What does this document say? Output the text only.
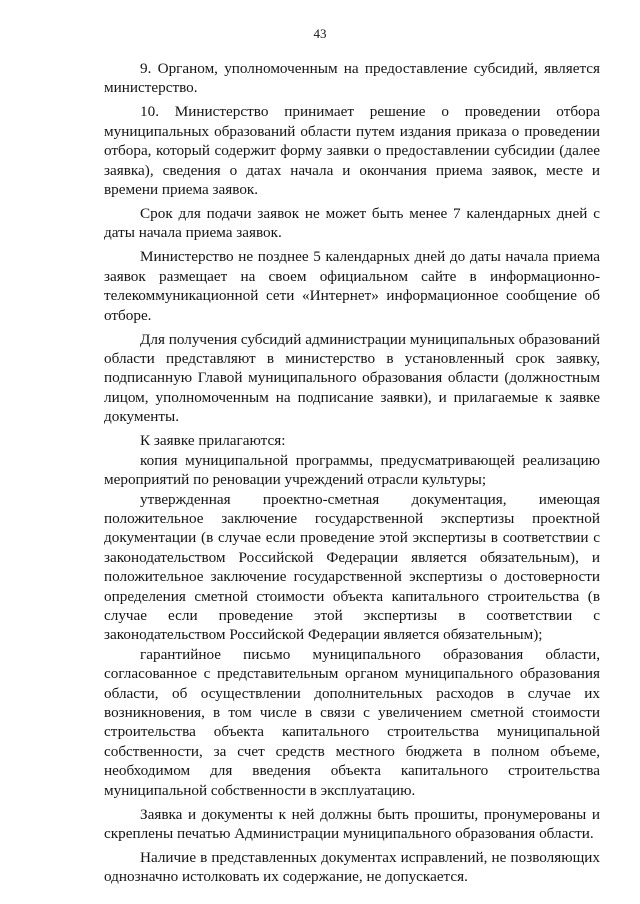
43

9. Органом, уполномоченным на предоставление субсидий, является министерство.

10. Министерство принимает решение о проведении отбора муниципальных образований области путем издания приказа о проведении отбора, который содержит форму заявки о предоставлении субсидии (далее заявка), сведения о датах начала и окончания приема заявок, месте и времени приема заявок.

Срок для подачи заявок не может быть менее 7 календарных дней с даты начала приема заявок.

Министерство не позднее 5 календарных дней до даты начала приема заявок размещает на своем официальном сайте в информационно-телекоммуникационной сети «Интернет» информационное сообщение об отборе.

Для получения субсидий администрации муниципальных образований области представляют в министерство в установленный срок заявку, подписанную Главой муниципального образования области (должностным лицом, уполномоченным на подписание заявки), и прилагаемые к заявке документы.

К заявке прилагаются:

копия муниципальной программы, предусматривающей реализацию мероприятий по реновации учреждений отрасли культуры;

утвержденная проектно-сметная документация, имеющая положительное заключение государственной экспертизы проектной документации (в случае если проведение этой экспертизы в соответствии с законодательством Российской Федерации является обязательным), и положительное заключение государственной экспертизы о достоверности определения сметной стоимости объекта капитального строительства (в случае если проведение этой экспертизы в соответствии с законодательством Российской Федерации является обязательным);

гарантийное письмо муниципального образования области, согласованное с представительным органом муниципального образования области, об осуществлении дополнительных расходов в случае их возникновения, в том числе в связи с увеличением сметной стоимости строительства объекта капитального строительства муниципальной собственности, за счет средств местного бюджета в полном объеме, необходимом для введения объекта капитального строительства муниципальной собственности в эксплуатацию.

Заявка и документы к ней должны быть прошиты, пронумерованы и скреплены печатью Администрации муниципального образования области.

Наличие в представленных документах исправлений, не позволяющих однозначно истолковать их содержание, не допускается.
